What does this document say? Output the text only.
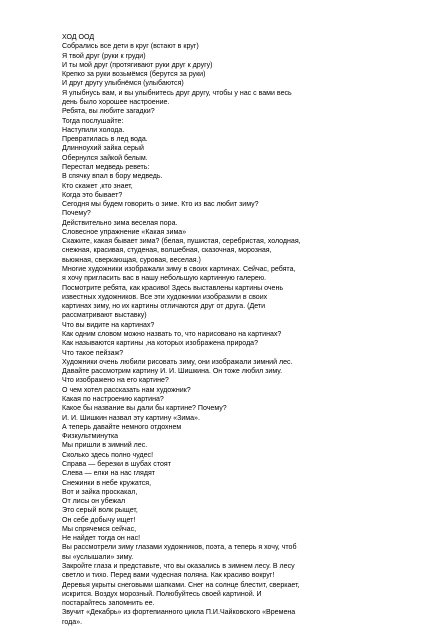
ХОД ООД
Собрались все дети в круг (встают в круг)
Я твой друг (руки к груди)
И ты мой друг (протягивают руки друг к другу)
Крепко за руки возьмёмся (берутся за руки)
И друг другу улыбнёмся (улыбаются)
Я улыбнусь вам, и вы улыбнитесь друг другу, чтобы у нас с вами весь
день было хорошее настроение.
Ребята, вы любите загадки?
Тогда послушайте:
Наступили холода.
Превратилась в лед вода.
Длинноухий зайка серый
Обернулся зайкой белым.
Перестал медведь реветь:
В спячку впал в бору медведь.
Кто скажет ,кто знает,
Когда это бывает?
Сегодня мы будем говорить о зиме. Кто из вас любит зиму?
Почему?
Действительно зима веселая пора.
Словесное упражнение «Какая зима»
Скажите, какая бывает зима? (белая, пушистая, серебристая, холодная,
снежная, красивая, студеная, волшебная, сказочная, морозная,
вьюжная, сверкающая, суровая, веселая.)
Многие художники изображали зиму в своих картинах. Сейчас, ребята,
я хочу пригласить вас в нашу небольшую картинную галерею.
Посмотрите ребята, как красиво! Здесь выставлены картины очень
известных художников. Все эти художники изобразили в своих
картинах зиму, но их картины отличаются друг от друга. (Дети
рассматривают выставку)
Что вы видите на картинах?
Как одним словом можно назвать то, что нарисовано на картинах?
Как называются картины ,на которых изображена природа?
Что такое пейзаж?
Художники очень любили рисовать зиму, они изображали зимний лес.
Давайте рассмотрим картину И. И. Шишкина. Он тоже любил зиму.
Что изображено на его картине?
О чем хотел рассказать нам художник?
Какая по настроению картина?
Какое бы название вы дали бы картине? Почему?
И. И. Шишкин назвал эту картину «Зима».
А теперь давайте немного отдохнем
Физкультминутка
Мы пришли в зимний лес.
Сколько здесь полно чудес!
Справа — березки в шубах стоят
Слева — елки на нас глядят
Снежинки в небе кружатся,
Вот и зайка проскакал,
От лисы он убежал
Это серый волк рыщет,
Он себе добычу ищет!
Мы спрячемся сейчас,
Не найдет тогда он нас!
Вы рассмотрели зиму глазами художников, поэта, а теперь я хочу, чтоб
вы «услышали» зиму.
Закройте глаза и представьте, что вы оказались в зимнем лесу. В лесу
светло и тихо. Перед вами чудесная поляна. Как красиво вокруг!
Деревья укрыты снеговыми шапками. Снег на солнце блестит, сверкает,
искрится. Воздух морозный. Полюбуйтесь своей картиной. И
постарайтесь запомнить ее.
Звучит «Декабрь» из фортепианного цикла П.И.Чайковского «Времена
года».
